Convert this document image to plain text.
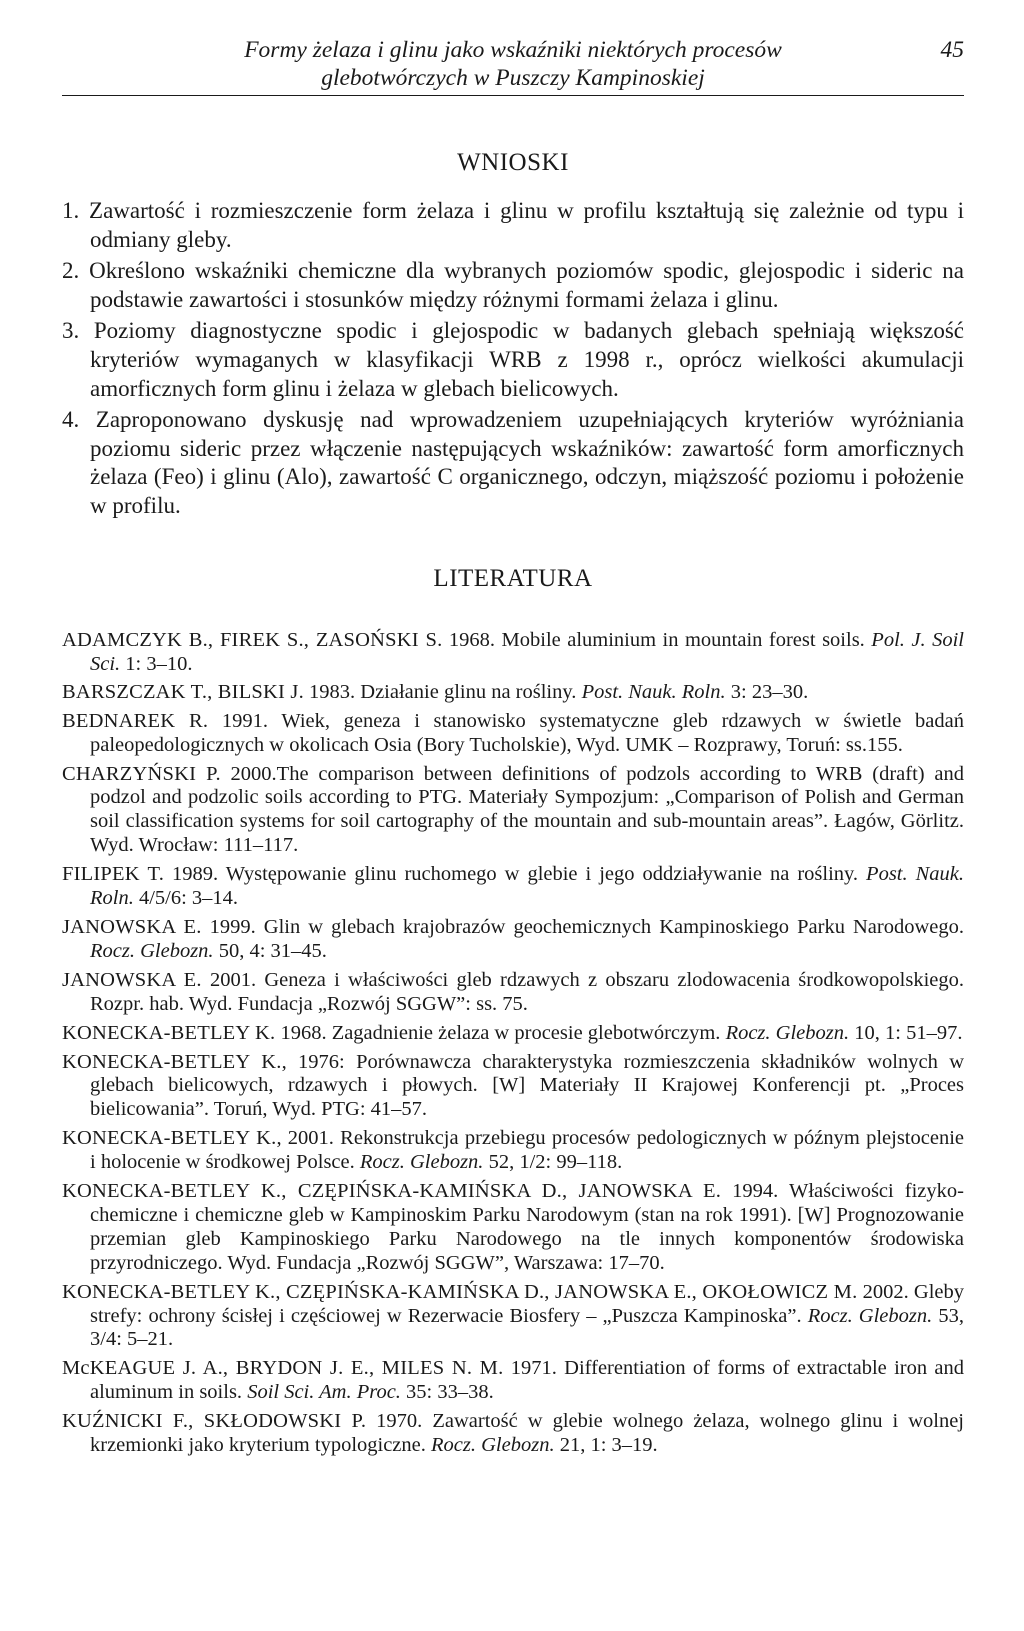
Formy żelaza i glinu jako wskaźniki niektórych procesów
glebotwórczych w Puszczy Kampinoskiej
45
WNIOSKI

1. Zawartość i rozmieszczenie form żelaza i glinu w profilu kształtują się zależnie od typu i odmiany gleby.

2. Określono wskaźniki chemiczne dla wybranych poziomów spodic, glejospodic i sideric na podstawie zawartości i stosunków między różnymi formami żelaza i glinu.

3. Poziomy diagnostyczne spodic i glejospodic w badanych glebach spełniają większość kryteriów wymaganych w klasyfikacji WRB z 1998 r., oprócz wielkości akumulacji amorficznych form glinu i żelaza w glebach bielicowych.

4. Zaproponowano dyskusję nad wprowadzeniem uzupełniających kryteriów wyróżniania poziomu sideric przez włączenie następujących wskaźników: zawartość form amorficznych żelaza (Feo) i glinu (Alo), zawartość C organicznego, odczyn, miąższość poziomu i położenie w profilu.

LITERATURA

ADAMCZYK B., FIREK S., ZASOŃSKI S. 1968. Mobile aluminium in mountain forest soils. Pol. J. Soil Sci. 1: 3–10.

BARSZCZAK T., BILSKI J. 1983. Działanie glinu na rośliny. Post. Nauk. Roln. 3: 23–30.

BEDNAREK R. 1991. Wiek, geneza i stanowisko systematyczne gleb rdzawych w świetle badań paleopedologicznych w okolicach Osia (Bory Tucholskie), Wyd. UMK – Rozprawy, Toruń: ss.155.

CHARZYŃSKI P. 2000.The comparison between definitions of podzols according to WRB (draft) and podzol and podzolic soils according to PTG. Materiały Sympozjum: „Comparison of Polish and German soil classification systems for soil cartography of the mountain and sub-mountain areas”. Łagów, Görlitz. Wyd. Wrocław: 111–117.

FILIPEK T. 1989. Występowanie glinu ruchomego w glebie i jego oddziaływanie na rośliny. Post. Nauk. Roln. 4/5/6: 3–14.

JANOWSKA E. 1999. Glin w glebach krajobrazów geochemicznych Kampinoskiego Parku Narodowego. Rocz. Glebozn. 50, 4: 31–45.

JANOWSKA E. 2001. Geneza i właściwości gleb rdzawych z obszaru zlodowacenia środkowopolskiego. Rozpr. hab. Wyd. Fundacja „Rozwój SGGW”: ss. 75.

KONECKA-BETLEY K. 1968. Zagadnienie żelaza w procesie glebotwórczym. Rocz. Glebozn. 10, 1: 51–97.

KONECKA-BETLEY K., 1976: Porównawcza charakterystyka rozmieszczenia składników wolnych w glebach bielicowych, rdzawych i płowych. [W] Materiały II Krajowej Konferencji pt. „Proces bielicowania”. Toruń, Wyd. PTG: 41–57.

KONECKA-BETLEY K., 2001. Rekonstrukcja przebiegu procesów pedologicznych w późnym plejstocenie i holocenie w środkowej Polsce. Rocz. Glebozn. 52, 1/2: 99–118.

KONECKA-BETLEY K., CZĘPIŃSKA-KAMIŃSKA D., JANOWSKA E. 1994. Właściwości fizyko-chemiczne i chemiczne gleb w Kampinoskim Parku Narodowym (stan na rok 1991). [W] Prognozowanie przemian gleb Kampinoskiego Parku Narodowego na tle innych komponentów środowiska przyrodniczego. Wyd. Fundacja „Rozwój SGGW”, Warszawa: 17–70.

KONECKA-BETLEY K., CZĘPIŃSKA-KAMIŃSKA D., JANOWSKA E., OKOŁOWICZ M. 2002. Gleby strefy: ochrony ścisłej i częściowej w Rezerwacie Biosfery – „Puszcza Kampinoska”. Rocz. Glebozn. 53, 3/4: 5–21.

McKEAGUE J. A., BRYDON J. E., MILES N. M. 1971. Differentiation of forms of extractable iron and aluminum in soils. Soil Sci. Am. Proc. 35: 33–38.

KUŹNICKI F., SKŁODOWSKI P. 1970. Zawartość w glebie wolnego żelaza, wolnego glinu i wolnej krzemionki jako kryterium typologiczne. Rocz. Glebozn. 21, 1: 3–19.
